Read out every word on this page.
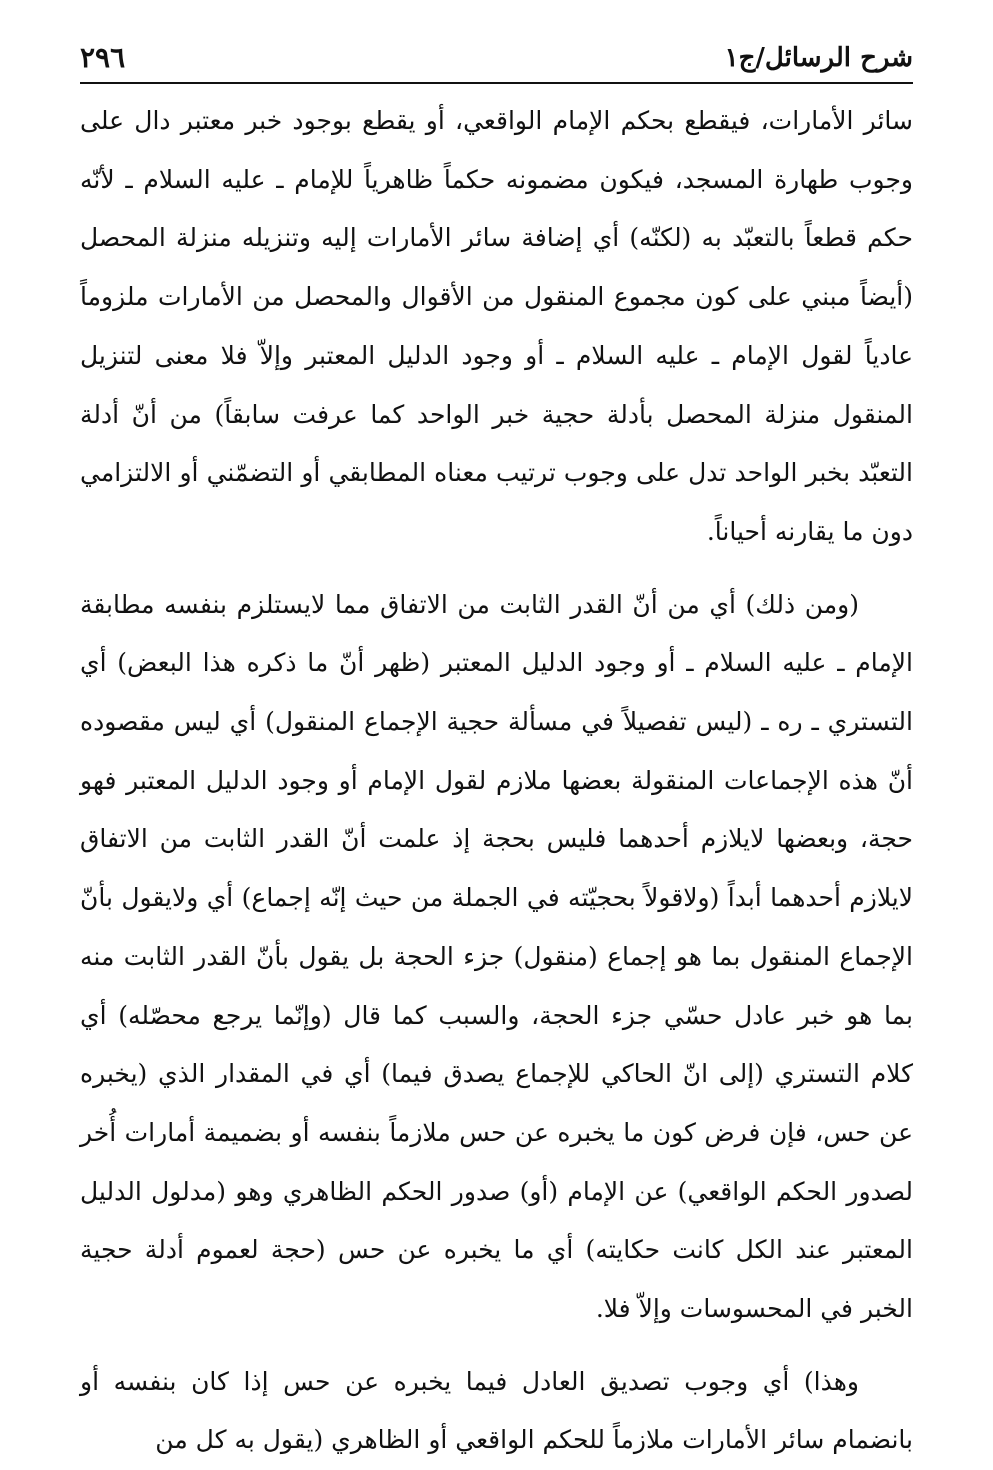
شرح الرسائل/ج١
٢٩٦

سائر الأمارات، فيقطع بحكم الإمام الواقعي، أو يقطع بوجود خبر معتبر دال على وجوب طهارة المسجد، فيكون مضمونه حكماً ظاهرياً للإمام ـ عليه السلام ـ لأنّه حكم قطعاً بالتعبّد به (لكنّه) أي إضافة سائر الأمارات إليه وتنزيله منزلة المحصل (أيضاً مبني على كون مجموع المنقول من الأقوال والمحصل من الأمارات ملزوماً عادياً لقول الإمام ـ عليه السلام ـ أو وجود الدليل المعتبر وإلاّ فلا معنى لتنزيل المنقول منزلة المحصل بأدلة حجية خبر الواحد كما عرفت سابقاً) من أنّ أدلة التعبّد بخبر الواحد تدل على وجوب ترتيب معناه المطابقي أو التضمّني أو الالتزامي دون ما يقارنه أحياناً.

(ومن ذلك) أي من أنّ القدر الثابت من الاتفاق مما لايستلزم بنفسه مطابقة الإمام ـ عليه السلام ـ أو وجود الدليل المعتبر (ظهر أنّ ما ذكره هذا البعض) أي التستري ـ ره ـ (ليس تفصيلاً في مسألة حجية الإجماع المنقول) أي ليس مقصوده أنّ هذه الإجماعات المنقولة بعضها ملازم لقول الإمام أو وجود الدليل المعتبر فهو حجة، وبعضها لايلازم أحدهما فليس بحجة إذ علمت أنّ القدر الثابت من الاتفاق لايلازم أحدهما أبداً (ولاقولاً بحجيّته في الجملة من حيث إنّه إجماع) أي ولايقول بأنّ الإجماع المنقول بما هو إجماع (منقول) جزء الحجة بل يقول بأنّ القدر الثابت منه بما هو خبر عادل حسّي جزء الحجة، والسبب كما قال (وإنّما يرجع محصّله) أي كلام التستري (إلى انّ الحاكي للإجماع يصدق فيما) أي في المقدار الذي (يخبره عن حس، فإن فرض كون ما يخبره عن حس ملازماً بنفسه أو بضميمة أمارات أُخر لصدور الحكم الواقعي) عن الإمام (أو) صدور الحكم الظاهري وهو (مدلول الدليل المعتبر عند الكل كانت حكايته) أي ما يخبره عن حس (حجة لعموم أدلة حجية الخبر في المحسوسات وإلاّ فلا.

وهذا) أي وجوب تصديق العادل فيما يخبره عن حس إذا كان بنفسه أو بانضمام سائر الأمارات ملازماً للحكم الواقعي أو الظاهري (يقول به كل من
